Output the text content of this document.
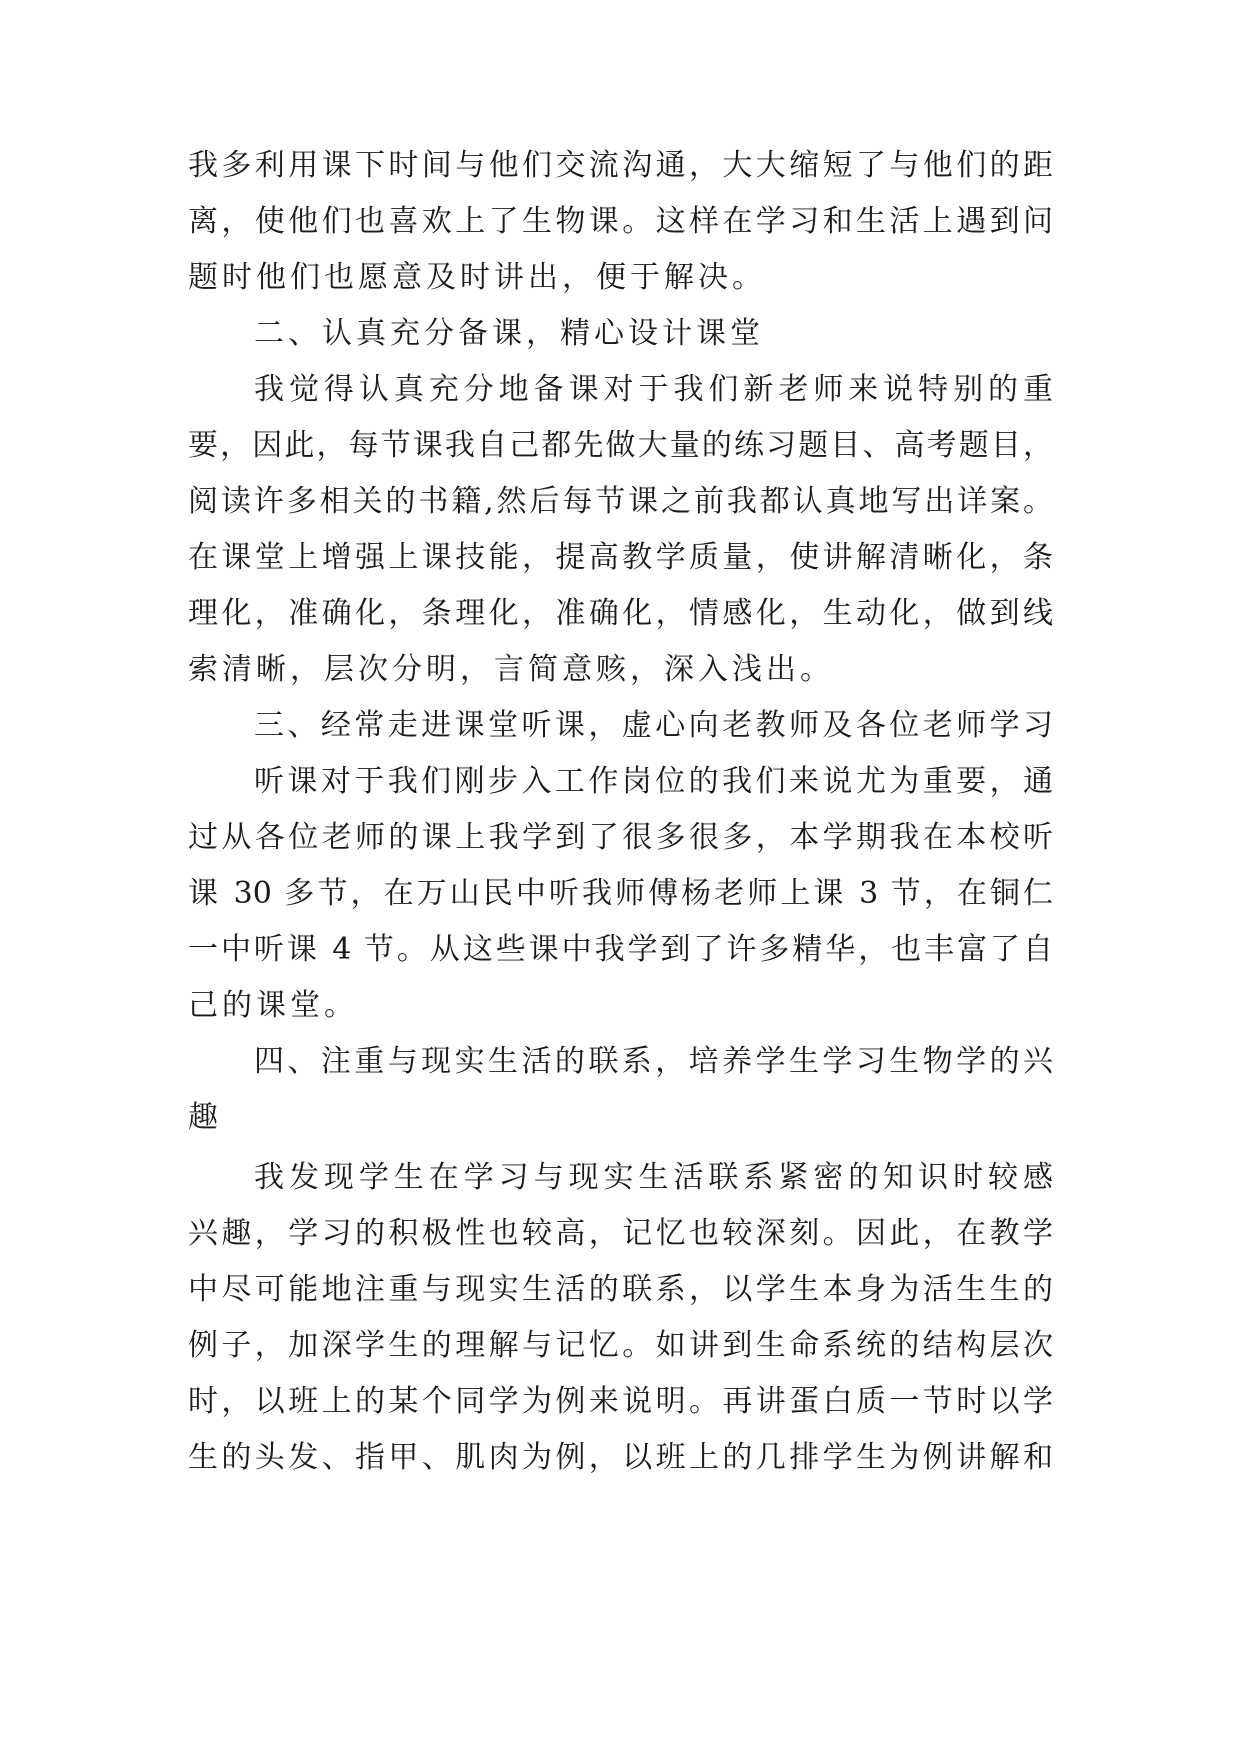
我多利用课下时间与他们交流沟通，大大缩短了与他们的距
离，使他们也喜欢上了生物课。这样在学习和生活上遇到问
题时他们也愿意及时讲出，便于解决。
二、认真充分备课，精心设计课堂
我觉得认真充分地备课对于我们新老师来说特别的重
要，因此，每节课我自己都先做大量的练习题目、高考题目，
阅读许多相关的书籍,然后每节课之前我都认真地写出详案。
在课堂上增强上课技能，提高教学质量，使讲解清晰化，条
理化，准确化，条理化，准确化，情感化，生动化，做到线
索清晰，层次分明，言简意赅，深入浅出。
三、经常走进课堂听课，虚心向老教师及各位老师学习
听课对于我们刚步入工作岗位的我们来说尤为重要，通
过从各位老师的课上我学到了很多很多，本学期我在本校听
课 30 多节，在万山民中听我师傅杨老师上课 3 节，在铜仁
一中听课 4 节。从这些课中我学到了许多精华，也丰富了自
己的课堂。
四、注重与现实生活的联系，培养学生学习生物学的兴
趣
我发现学生在学习与现实生活联系紧密的知识时较感
兴趣，学习的积极性也较高，记忆也较深刻。因此，在教学
中尽可能地注重与现实生活的联系，以学生本身为活生生的
例子，加深学生的理解与记忆。如讲到生命系统的结构层次
时，以班上的某个同学为例来说明。再讲蛋白质一节时以学
生的头发、指甲、肌肉为例，以班上的几排学生为例讲解和
